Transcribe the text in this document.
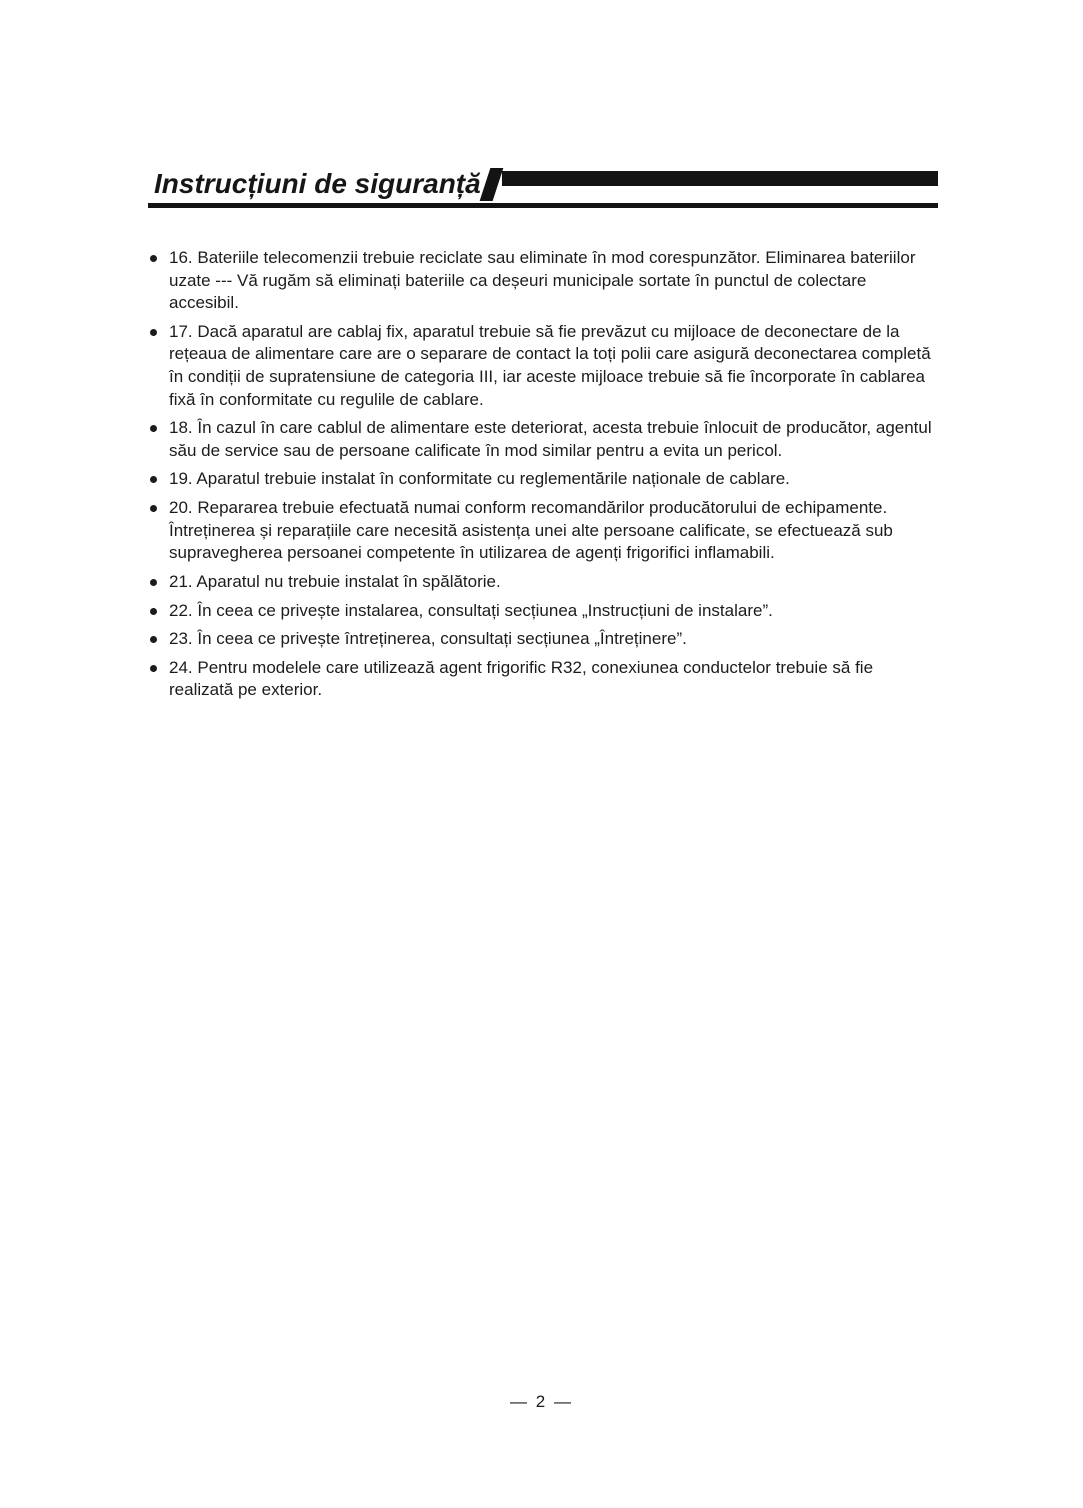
Instrucțiuni de siguranță
16. Bateriile telecomenzii trebuie reciclate sau eliminate în mod corespunzător. Eliminarea bateriilor uzate --- Vă rugăm să eliminați bateriile ca deșeuri municipale sortate în punctul de colectare accesibil.
17. Dacă aparatul are cablaj fix, aparatul trebuie să fie prevăzut cu mijloace de deconectare de la rețeaua de alimentare care are o separare de contact la toți polii care asigură deconectarea completă în condiții de supratensiune de categoria III, iar aceste mijloace trebuie să fie încorporate în cablarea fixă în conformitate cu regulile de cablare.
18. În cazul în care cablul de alimentare este deteriorat, acesta trebuie înlocuit de producător, agentul său de service sau de persoane calificate în mod similar pentru a evita un pericol.
19. Aparatul trebuie instalat în conformitate cu reglementările naționale de cablare.
20. Repararea trebuie efectuată numai conform recomandărilor producătorului de echipamente. Întreținerea și reparațiile care necesită asistența unei alte persoane calificate, se efectuează sub supravegherea persoanei competente în utilizarea de agenți frigorifici inflamabili.
21. Aparatul nu trebuie instalat în spălătorie.
22. În ceea ce privește instalarea, consultați secțiunea „Instrucțiuni de instalare”.
23. În ceea ce privește întreținerea, consultați secțiunea „Întreținere”.
24. Pentru modelele care utilizează agent frigorific R32, conexiunea conductelor trebuie să fie realizată pe exterior.
— 2 —
